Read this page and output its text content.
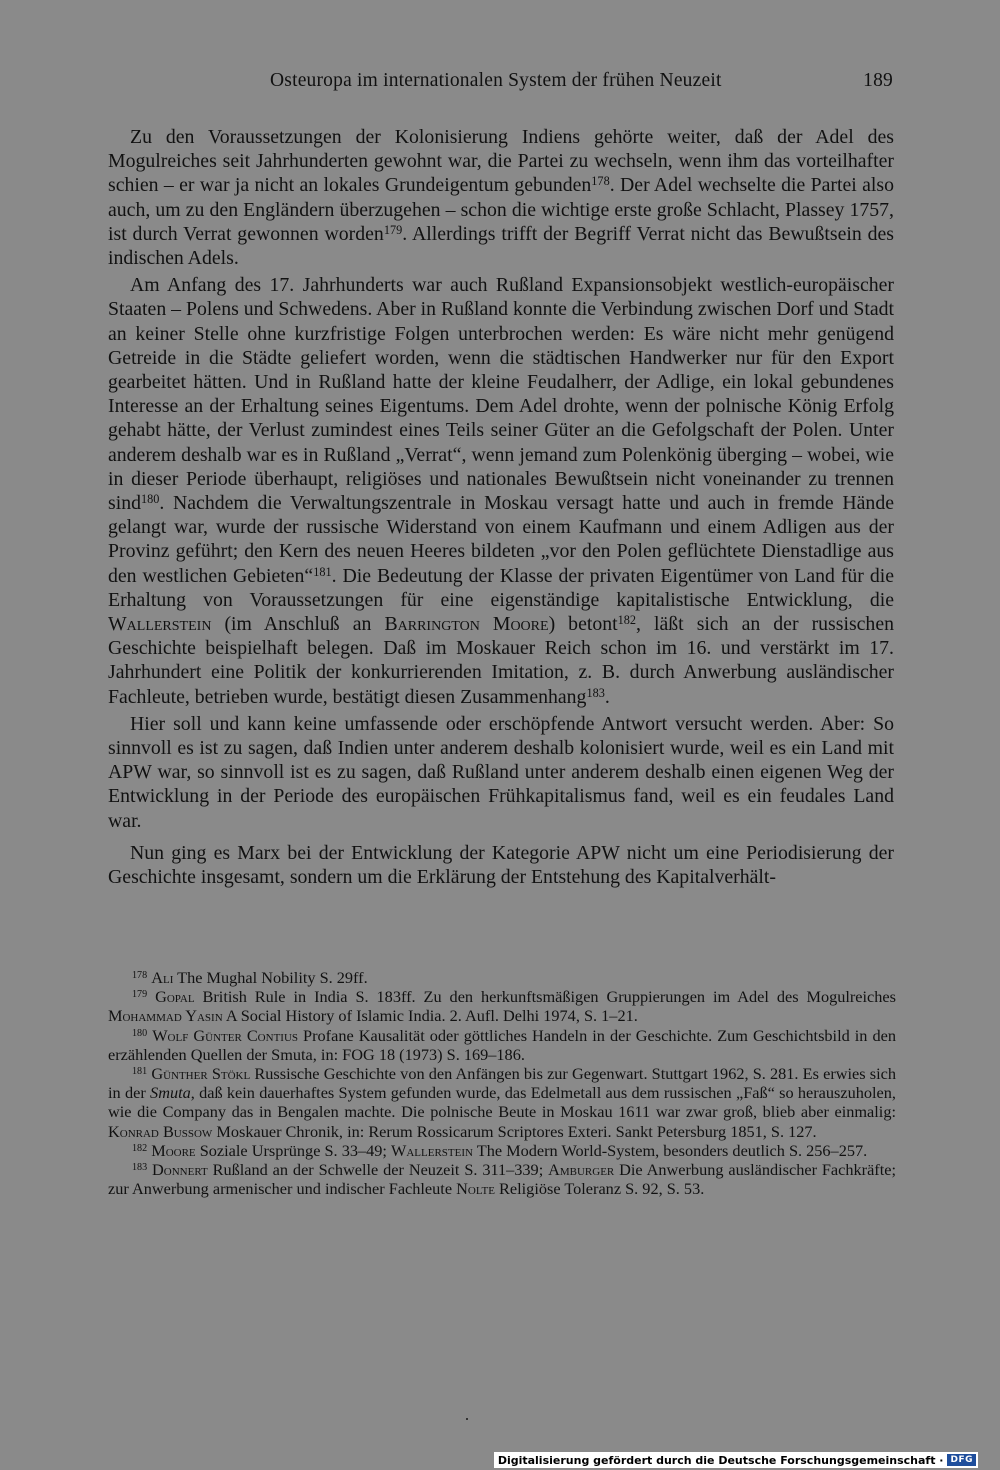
Osteuropa im internationalen System der frühen Neuzeit	189

Zu den Voraussetzungen der Kolonisierung Indiens gehörte weiter, daß der Adel des Mogulreiches seit Jahrhunderten gewohnt war, die Partei zu wechseln, wenn ihm das vorteilhafter schien – er war ja nicht an lokales Grundeigentum gebunden$^{178}$. Der Adel wechselte die Partei also auch, um zu den Engländern überzugehen – schon die wichtige erste große Schlacht, Plassey 1757, ist durch Verrat gewonnen worden$^{179}$. Allerdings trifft der Begriff Verrat nicht das Bewußtsein des indischen Adels.

Am Anfang des 17. Jahrhunderts war auch Rußland Expansionsobjekt westlich-europäischer Staaten – Polens und Schwedens. Aber in Rußland konnte die Verbindung zwischen Dorf und Stadt an keiner Stelle ohne kurzfristige Folgen unterbrochen werden: Es wäre nicht mehr genügend Getreide in die Städte geliefert worden, wenn die städtischen Handwerker nur für den Export gearbeitet hätten. Und in Rußland hatte der kleine Feudalherr, der Adlige, ein lokal gebundenes Interesse an der Erhaltung seines Eigentums. Dem Adel drohte, wenn der polnische König Erfolg gehabt hätte, der Verlust zumindest eines Teils seiner Güter an die Gefolgschaft der Polen. Unter anderem deshalb war es in Rußland „Verrat“, wenn jemand zum Polenkönig überging – wobei, wie in dieser Periode überhaupt, religiöses und nationales Bewußtsein nicht voneinander zu trennen sind$^{180}$. Nachdem die Verwaltungszentrale in Moskau versagt hatte und auch in fremde Hände gelangt war, wurde der russische Widerstand von einem Kaufmann und einem Adligen aus der Provinz geführt; den Kern des neuen Heeres bildeten „vor den Polen geflüchtete Dienstadlige aus den westlichen Gebieten“$^{181}$. Die Bedeutung der Klasse der privaten Eigentümer von Land für die Erhaltung von Voraussetzungen für eine eigenständige kapitalistische Entwicklung, die Wallerstein (im Anschluß an Barrington Moore) betont$^{182}$, läßt sich an der russischen Geschichte beispielhaft belegen. Daß im Moskauer Reich schon im 16. und verstärkt im 17. Jahrhundert eine Politik der konkurrierenden Imitation, z. B. durch Anwerbung ausländischer Fachleute, betrieben wurde, bestätigt diesen Zusammenhang$^{183}$.

Hier soll und kann keine umfassende oder erschöpfende Antwort versucht werden. Aber: So sinnvoll es ist zu sagen, daß Indien unter anderem deshalb kolonisiert wurde, weil es ein Land mit APW war, so sinnvoll ist es zu sagen, daß Rußland unter anderem deshalb einen eigenen Weg der Entwicklung in der Periode des europäischen Frühkapitalismus fand, weil es ein feudales Land war.

Nun ging es Marx bei der Entwicklung der Kategorie APW nicht um eine Periodisierung der Geschichte insgesamt, sondern um die Erklärung der Entstehung des Kapitalverhält-

$^{178}$ Ali The Mughal Nobility S. 29ff.

$^{179}$ Gopal British Rule in India S. 183ff. Zu den herkunftsmäßigen Gruppierungen im Adel des Mogulreiches Mohammad Yasin A Social History of Islamic India. 2. Aufl. Delhi 1974, S. 1–21.

$^{180}$ Wolf Günter Contius Profane Kausalität oder göttliches Handeln in der Geschichte. Zum Geschichtsbild in den erzählenden Quellen der Smuta, in: FOG 18 (1973) S. 169–186.

$^{181}$ Günther Stökl Russische Geschichte von den Anfängen bis zur Gegenwart. Stuttgart 1962, S. 281. Es erwies sich in der Smuta, daß kein dauerhaftes System gefunden wurde, das Edelmetall aus dem russischen „Faß“ so herauszuholen, wie die Company das in Bengalen machte. Die polnische Beute in Moskau 1611 war zwar groß, blieb aber einmalig: Konrad Bussow Moskauer Chronik, in: Rerum Rossicarum Scriptores Exteri. Sankt Petersburg 1851, S. 127.

$^{182}$ Moore Soziale Ursprünge S. 33–49; Wallerstein The Modern World-System, besonders deutlich S. 256–257.

$^{183}$ Donnert Rußland an der Schwelle der Neuzeit S. 311–339; Amburger Die Anwerbung ausländischer Fachkräfte; zur Anwerbung armenischer und indischer Fachleute Nolte Religiöse Toleranz S. 92, S. 53.

Digitalisierung gefördert durch die Deutsche Forschungsgemeinschaft · DFG
